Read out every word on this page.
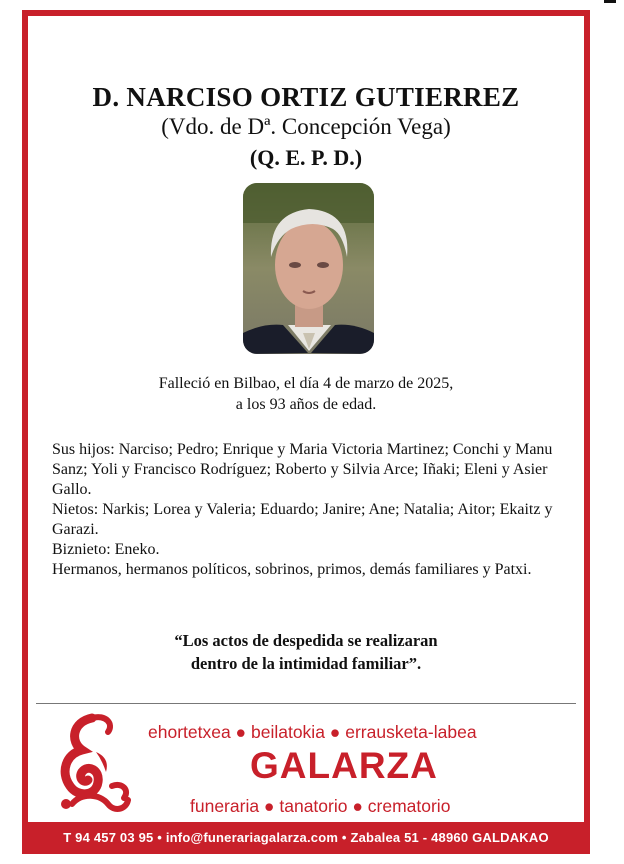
D. NARCISO ORTIZ GUTIERREZ
(Vdo. de Dª. Concepción Vega)
(Q. E. P. D.)
Falleció en Bilbao, el día 4 de marzo de 2025,
a los 93 años de edad.

Sus hijos: Narciso; Pedro; Enrique y Maria Victoria Martinez; Conchi y Manu Sanz; Yoli y Francisco Rodríguez; Roberto y Silvia Arce; Iñaki; Eleni y Asier Gallo.

Nietos: Narkis; Lorea y Valeria; Eduardo; Janire; Ane; Natalia; Aitor; Ekaitz y Garazi.

Biznieto: Eneko.

Hermanos, hermanos políticos, sobrinos, primos, demás familiares y Patxi.

“Los actos de despedida se realizaran
dentro de la intimidad familiar”.
ehortetxea ● beilatokia ● errausketa-labea
GALARZA
funeraria ● tanatorio ● crematorio
T 94 457 03 95 • info@funerariagalarza.com • Zabalea 51 - 48960 GALDAKAO
